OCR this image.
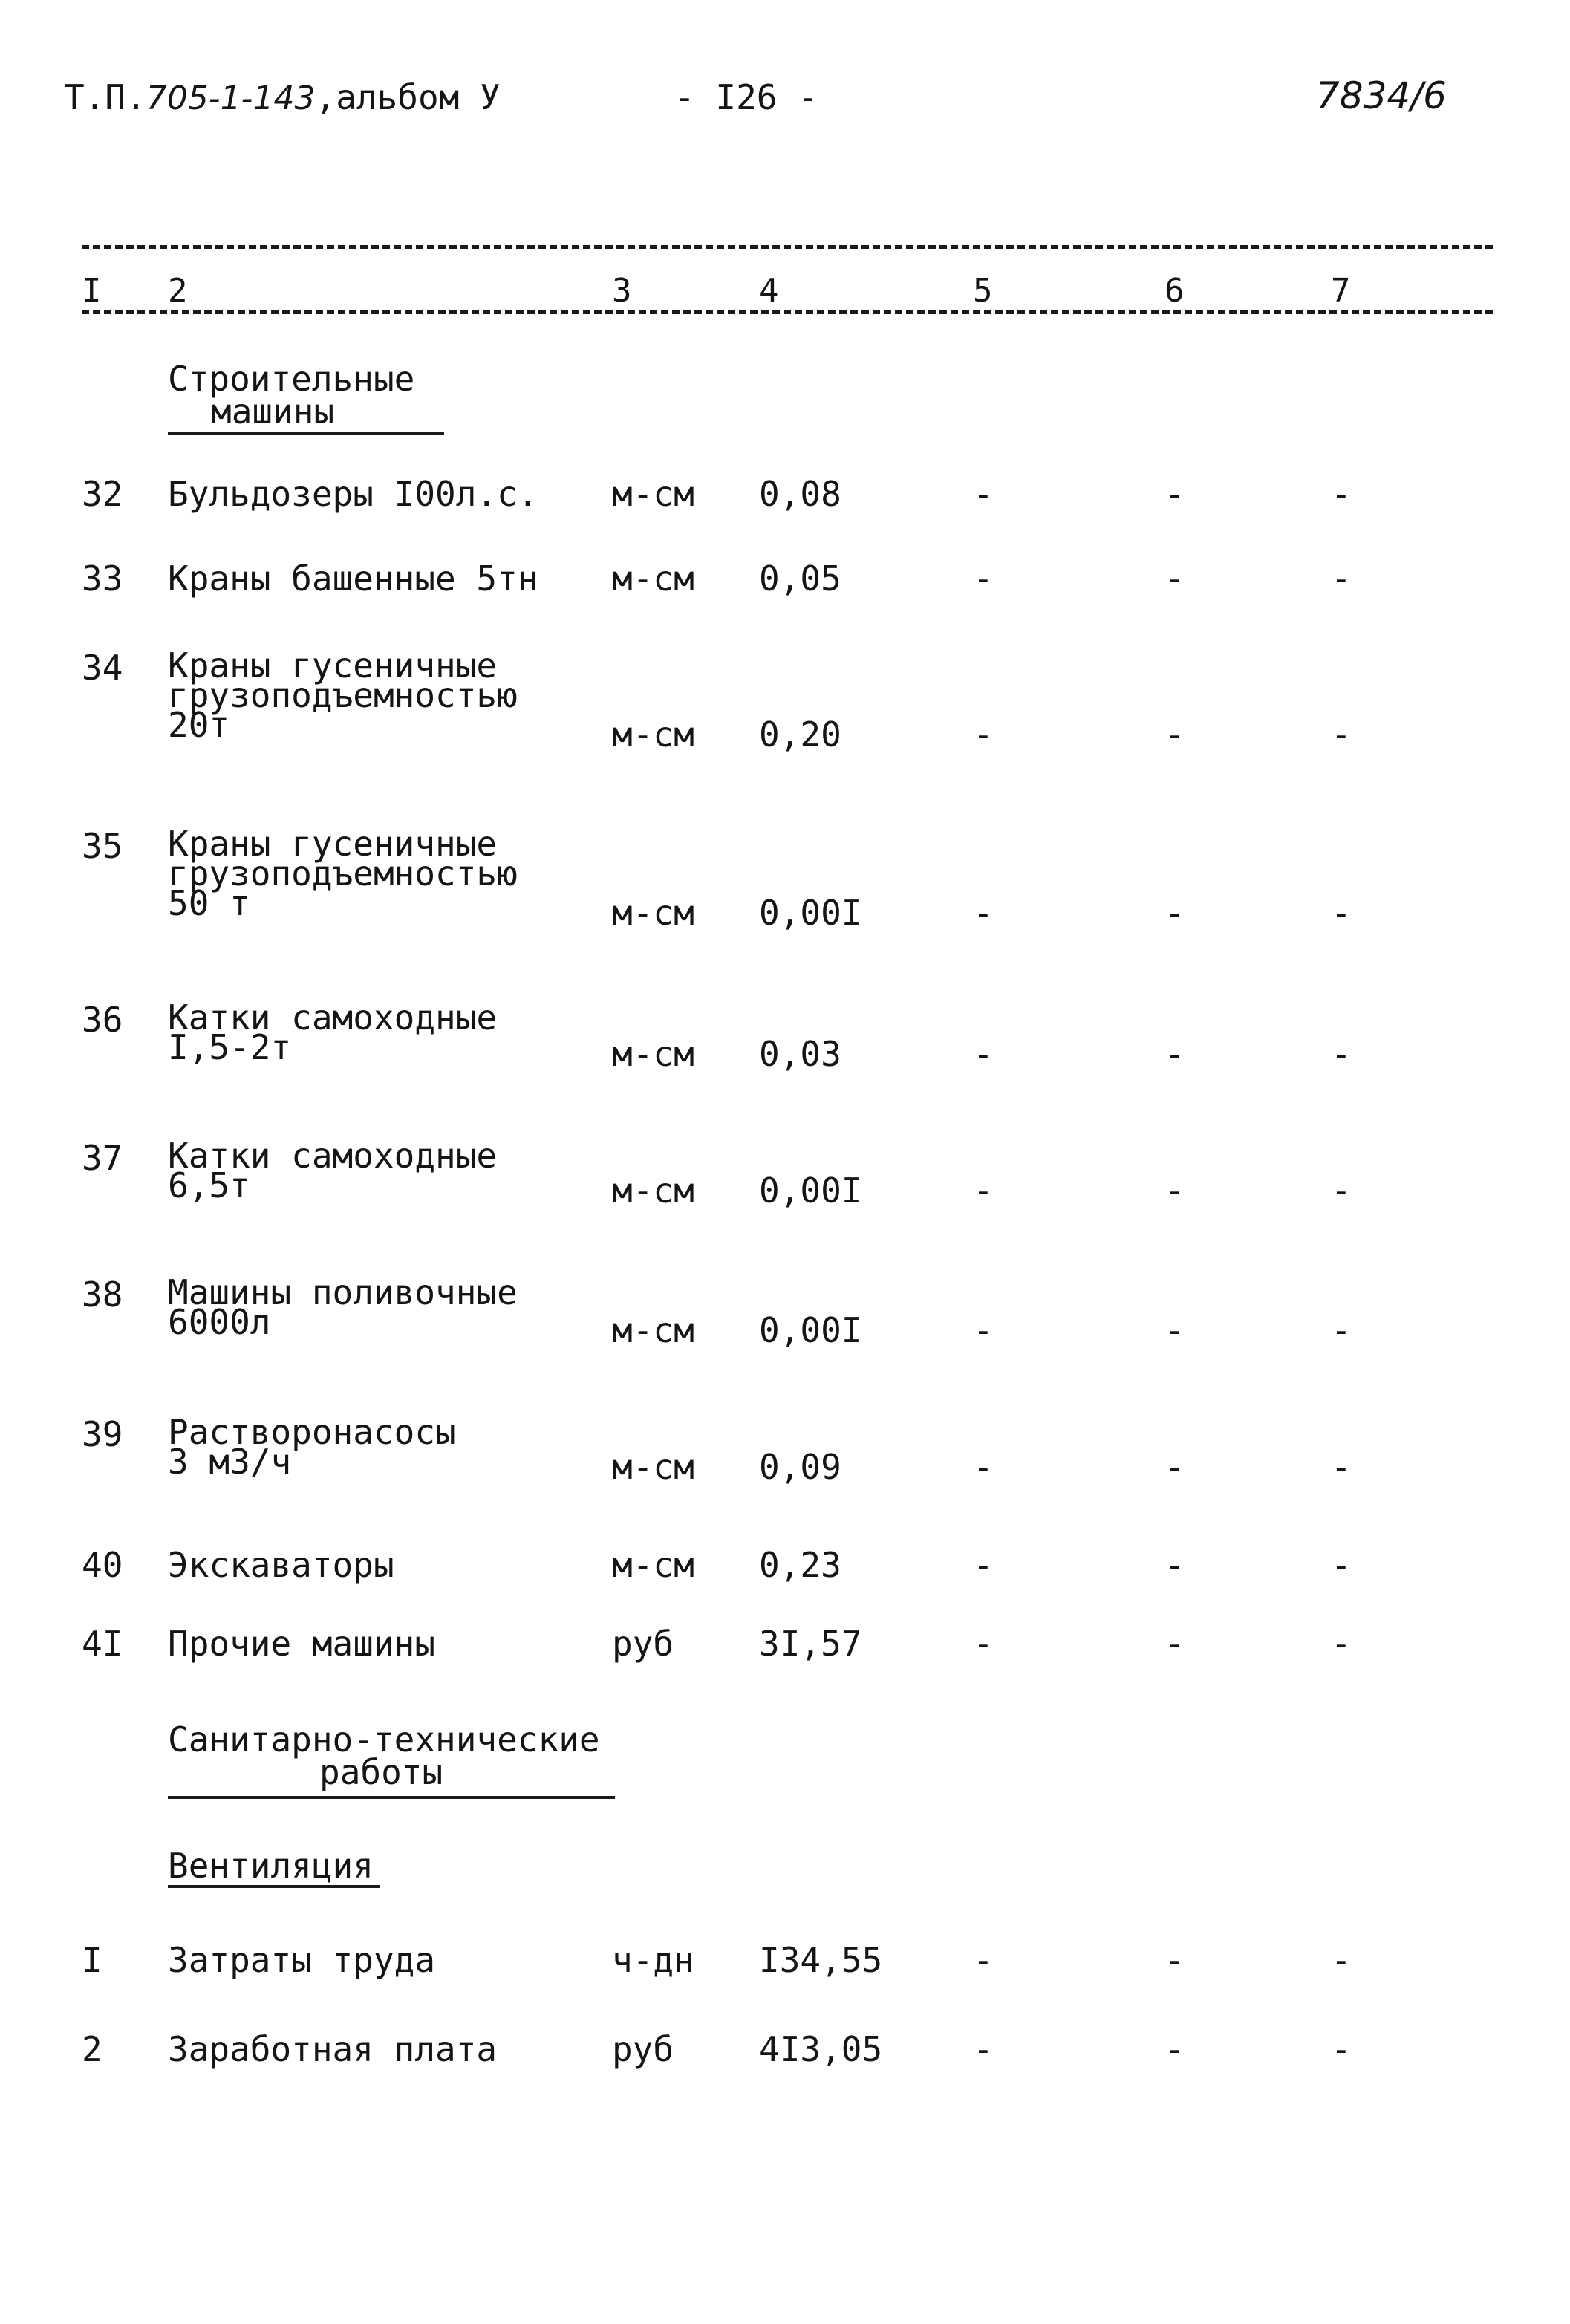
Т.П.705-1-143,альбом У	- I26 -	7834/6
I 2	3	4	5	6	7
Строительные
машины
32 Бульдозеры I00л.с. м-см 0,08	-	-	-
33 Краны башенные 5тн м-см 0,05	-	-	-
34 Краны гусеничные
грузоподъемностью
20т	м-см 0,20	-	-	-
35 Краны гусеничные
грузоподъемностью
50 т	м-см 0,00I	-	-	-
36 Катки самоходные
I,5-2т	м-см 0,03	-	-	-
37 Катки самоходные
6,5т	м-см 0,00I	-	-	-
38 Машины поливочные
6000л	м-см 0,00I	-	-	-
39 Растворонасосы
3 м3/ч	м-см 0,09	-	-	-
40 Экскаваторы	м-см 0,23	-	-	-
4I Прочие машины	руб 3I,57	-	-	-
Санитарно-технические
работы
Вентиляция
I Затраты труда	ч-дн I34,55	-	-	-
2 Заработная плата	руб 4I3,05	-	-	-
